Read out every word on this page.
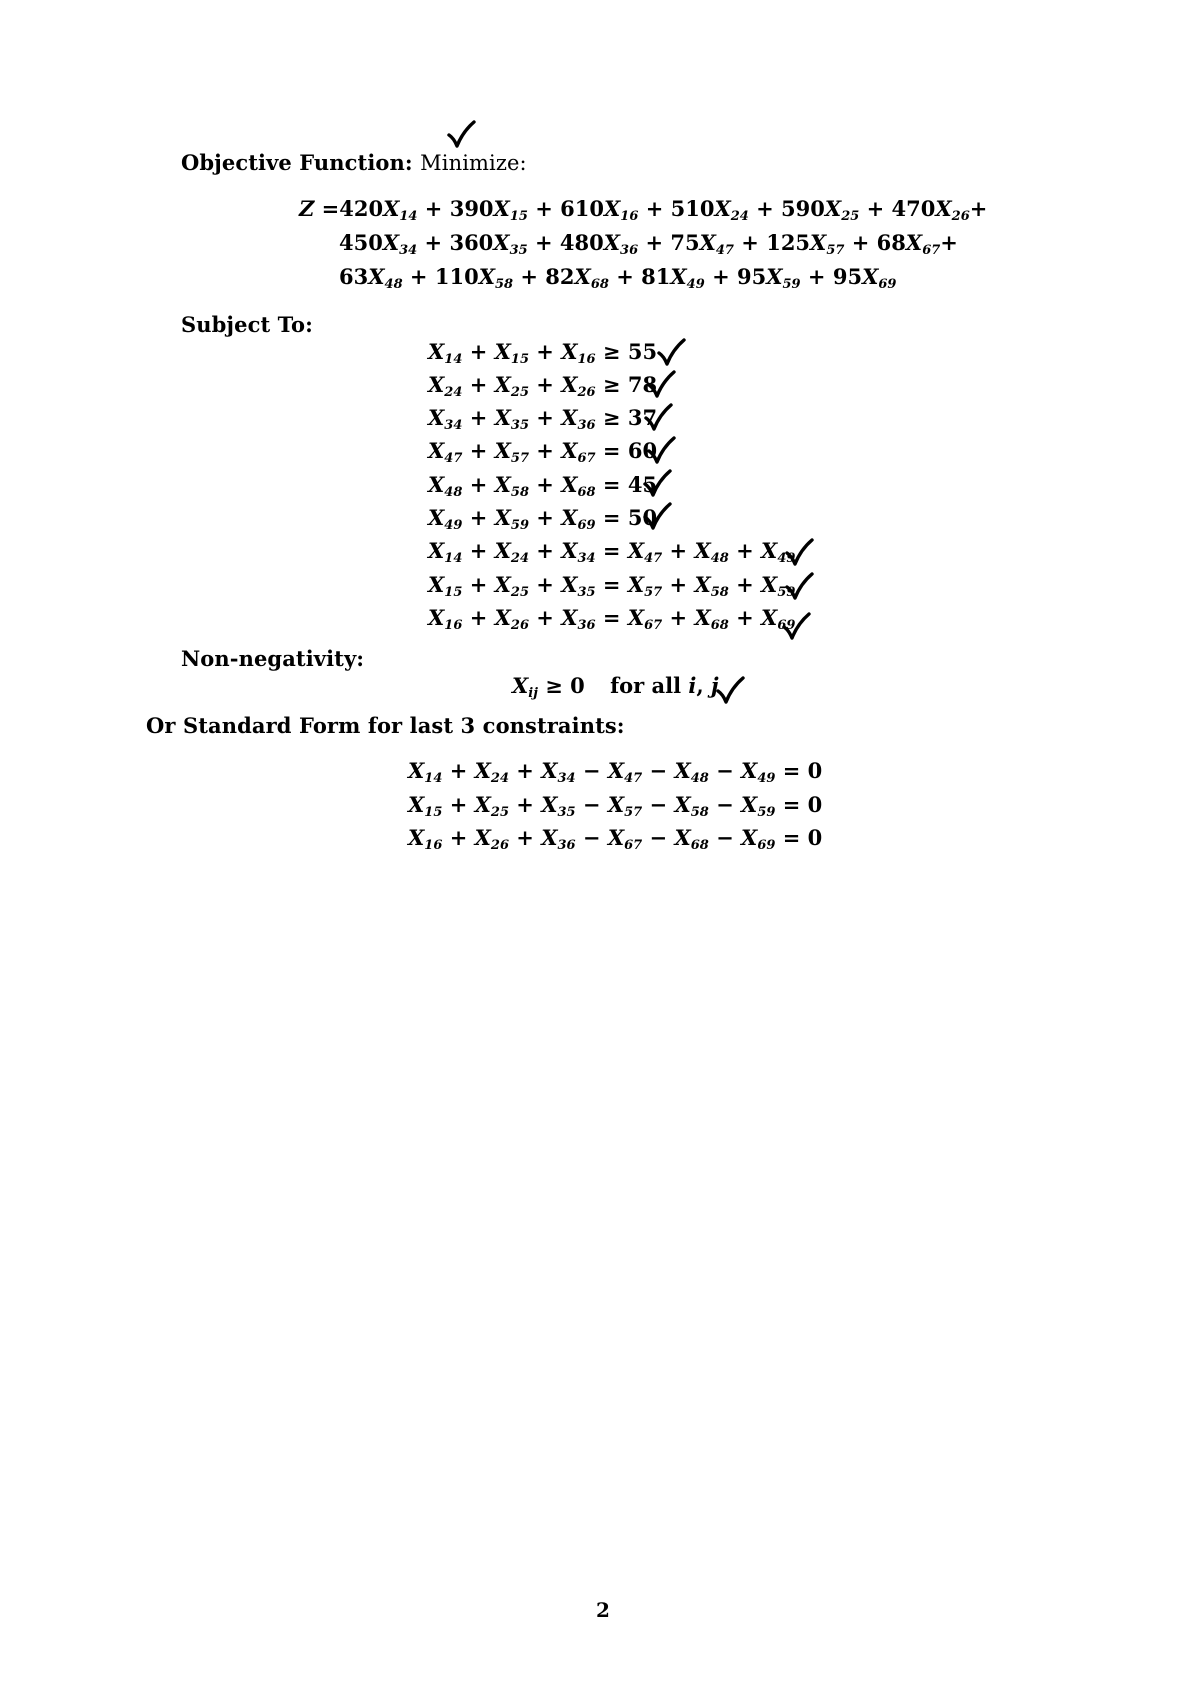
Objective Function: Minimize:
Subject To:
Non-negativity:
Or Standard Form for last 3 constraints:
$Z =420X_{14} + 390X_{15} + 610X_{16} + 510X_{24} + 590X_{25} + 470X_{26}+$
$450X_{34} + 360X_{35} + 480X_{36} + 75X_{47} + 125X_{57} + 68X_{67}+$
$63X_{48} + 110X_{58} + 82X_{68} + 81X_{49} + 95X_{59} + 95X_{69}$
$X_{14} + X_{15} + X_{16} \ge 55$
$X_{24} + X_{25} + X_{26} \ge 78$
$X_{34} + X_{35} + X_{36} \ge 37$
$X_{47} + X_{57} + X_{67} = 60$
$X_{48} + X_{58} + X_{68} = 45$
$X_{49} + X_{59} + X_{69} = 50$
$X_{14} + X_{24} + X_{34} = X_{47} + X_{48} + X_{49}$
$X_{15} + X_{25} + X_{35} = X_{57} + X_{58} + X_{59}$
$X_{16} + X_{26} + X_{36} = X_{67} + X_{68} + X_{69}$
$X_{ij} \ge 0$ for all i, j
$X_{14} + X_{24} + X_{34} - X_{47} - X_{48} - X_{49} = 0$
$X_{15} + X_{25} + X_{35} - X_{57} - X_{58} - X_{59} = 0$
$X_{16} + X_{26} + X_{36} - X_{67} - X_{68} - X_{69} = 0$
2
